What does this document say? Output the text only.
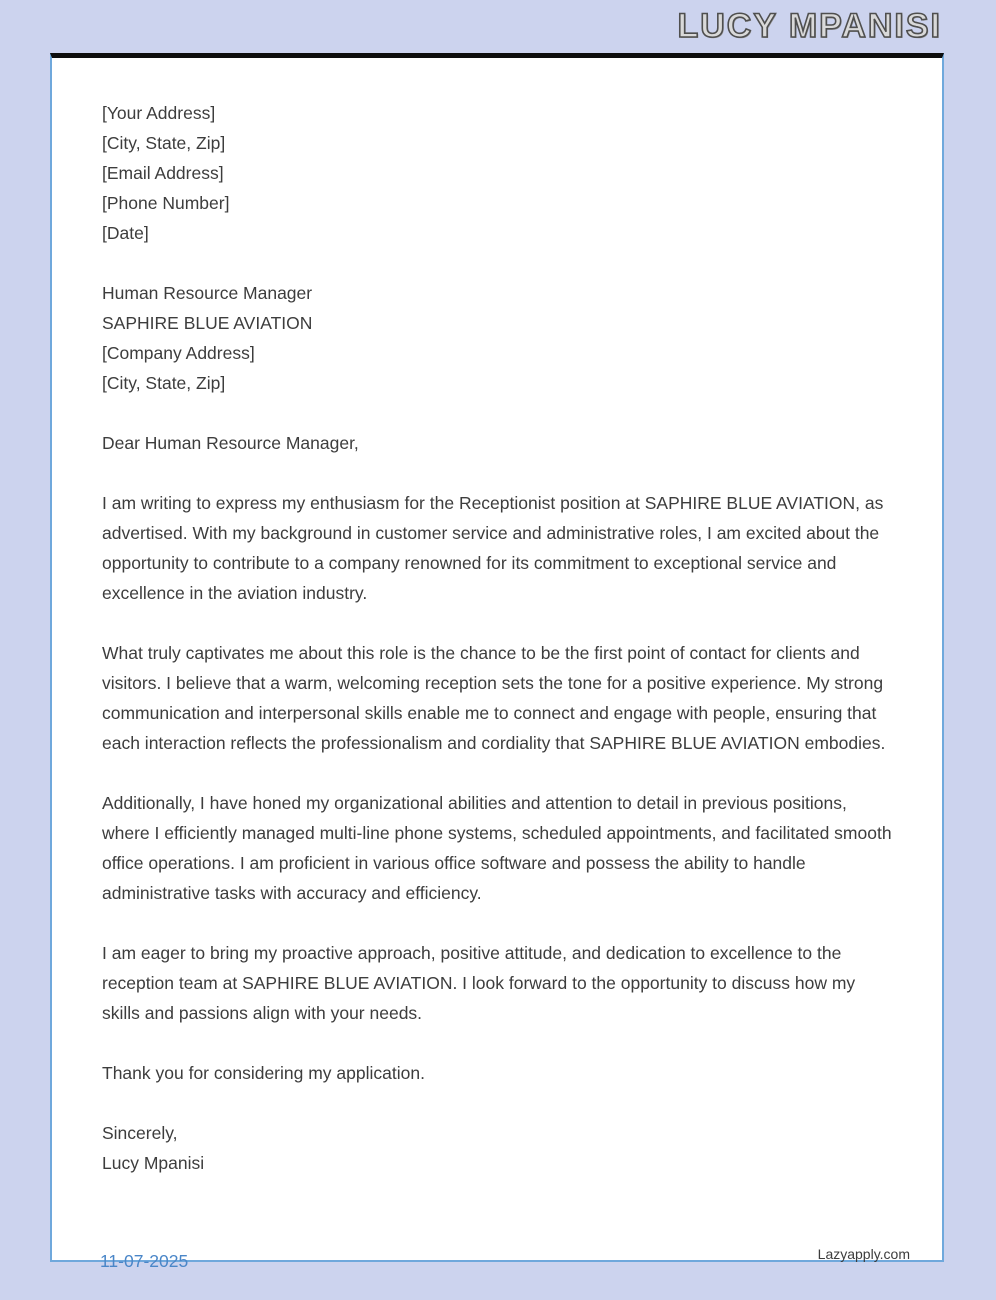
LUCY MPANISI
[Your Address]
[City, State, Zip]
[Email Address]
[Phone Number]
[Date]
Human Resource Manager
SAPHIRE BLUE AVIATION
[Company Address]
[City, State, Zip]
Dear Human Resource Manager,
I am writing to express my enthusiasm for the Receptionist position at SAPHIRE BLUE AVIATION, as advertised. With my background in customer service and administrative roles, I am excited about the opportunity to contribute to a company renowned for its commitment to exceptional service and excellence in the aviation industry.
What truly captivates me about this role is the chance to be the first point of contact for clients and visitors. I believe that a warm, welcoming reception sets the tone for a positive experience. My strong communication and interpersonal skills enable me to connect and engage with people, ensuring that each interaction reflects the professionalism and cordiality that SAPHIRE BLUE AVIATION embodies.
Additionally, I have honed my organizational abilities and attention to detail in previous positions, where I efficiently managed multi-line phone systems, scheduled appointments, and facilitated smooth office operations. I am proficient in various office software and possess the ability to handle administrative tasks with accuracy and efficiency.
I am eager to bring my proactive approach, positive attitude, and dedication to excellence to the reception team at SAPHIRE BLUE AVIATION. I look forward to the opportunity to discuss how my skills and passions align with your needs.
Thank you for considering my application.
Sincerely,
Lucy Mpanisi
11-07-2025	Lazyapply.com
